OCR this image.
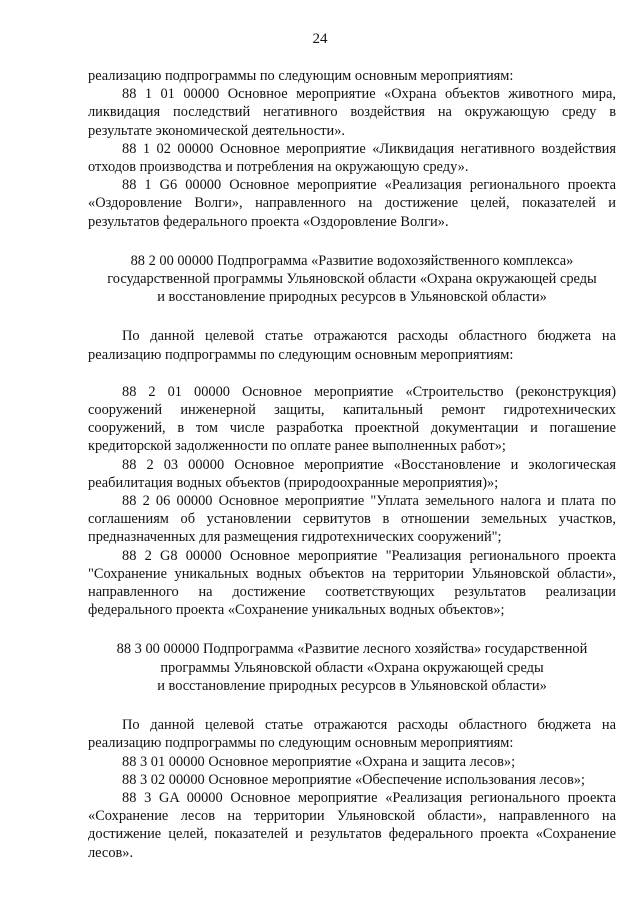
24

реализацию подпрограммы по следующим основным мероприятиям:

88 1 01 00000 Основное мероприятие «Охрана объектов животного мира, ликвидация последствий негативного воздействия на окружающую среду в результате экономической деятельности».

88 1 02 00000 Основное мероприятие «Ликвидация негативного воздействия отходов производства и потребления на окружающую среду».

88 1 G6 00000 Основное мероприятие «Реализация регионального проекта «Оздоровление Волги», направленного на достижение целей, показателей и результатов федерального проекта «Оздоровление Волги».

88 2 00 00000 Подпрограмма «Развитие водохозяйственного комплекса»

государственной программы Ульяновской области «Охрана окружающей среды

и восстановление природных ресурсов в Ульяновской области»

По данной целевой статье отражаются расходы областного бюджета на реализацию подпрограммы по следующим основным мероприятиям:

88 2 01 00000 Основное мероприятие «Строительство (реконструкция) сооружений инженерной защиты, капитальный ремонт гидротехнических сооружений, в том числе разработка проектной документации и погашение кредиторской задолженности по оплате ранее выполненных работ»;

88 2 03 00000 Основное мероприятие «Восстановление и экологическая реабилитация водных объектов (природоохранные мероприятия)»;

88 2 06 00000 Основное мероприятие "Уплата земельного налога и плата по соглашениям об установлении сервитутов в отношении земельных участков, предназначенных для размещения гидротехнических сооружений";

88 2 G8 00000 Основное мероприятие "Реализация регионального проекта "Сохранение уникальных водных объектов на территории Ульяновской области», направленного на достижение соответствующих результатов реализации федерального проекта «Сохранение уникальных водных объектов»;

88 3 00 00000 Подпрограмма «Развитие лесного хозяйства» государственной

программы Ульяновской области «Охрана окружающей среды

и восстановление природных ресурсов в Ульяновской области»

По данной целевой статье отражаются расходы областного бюджета на реализацию подпрограммы по следующим основным мероприятиям:

88 3 01 00000 Основное мероприятие «Охрана и защита лесов»;

88 3 02 00000 Основное мероприятие «Обеспечение использования лесов»;

88 3 GA 00000 Основное мероприятие «Реализация регионального проекта «Сохранение лесов на территории Ульяновской области», направленного на достижение целей, показателей и результатов федерального проекта «Сохранение лесов».
